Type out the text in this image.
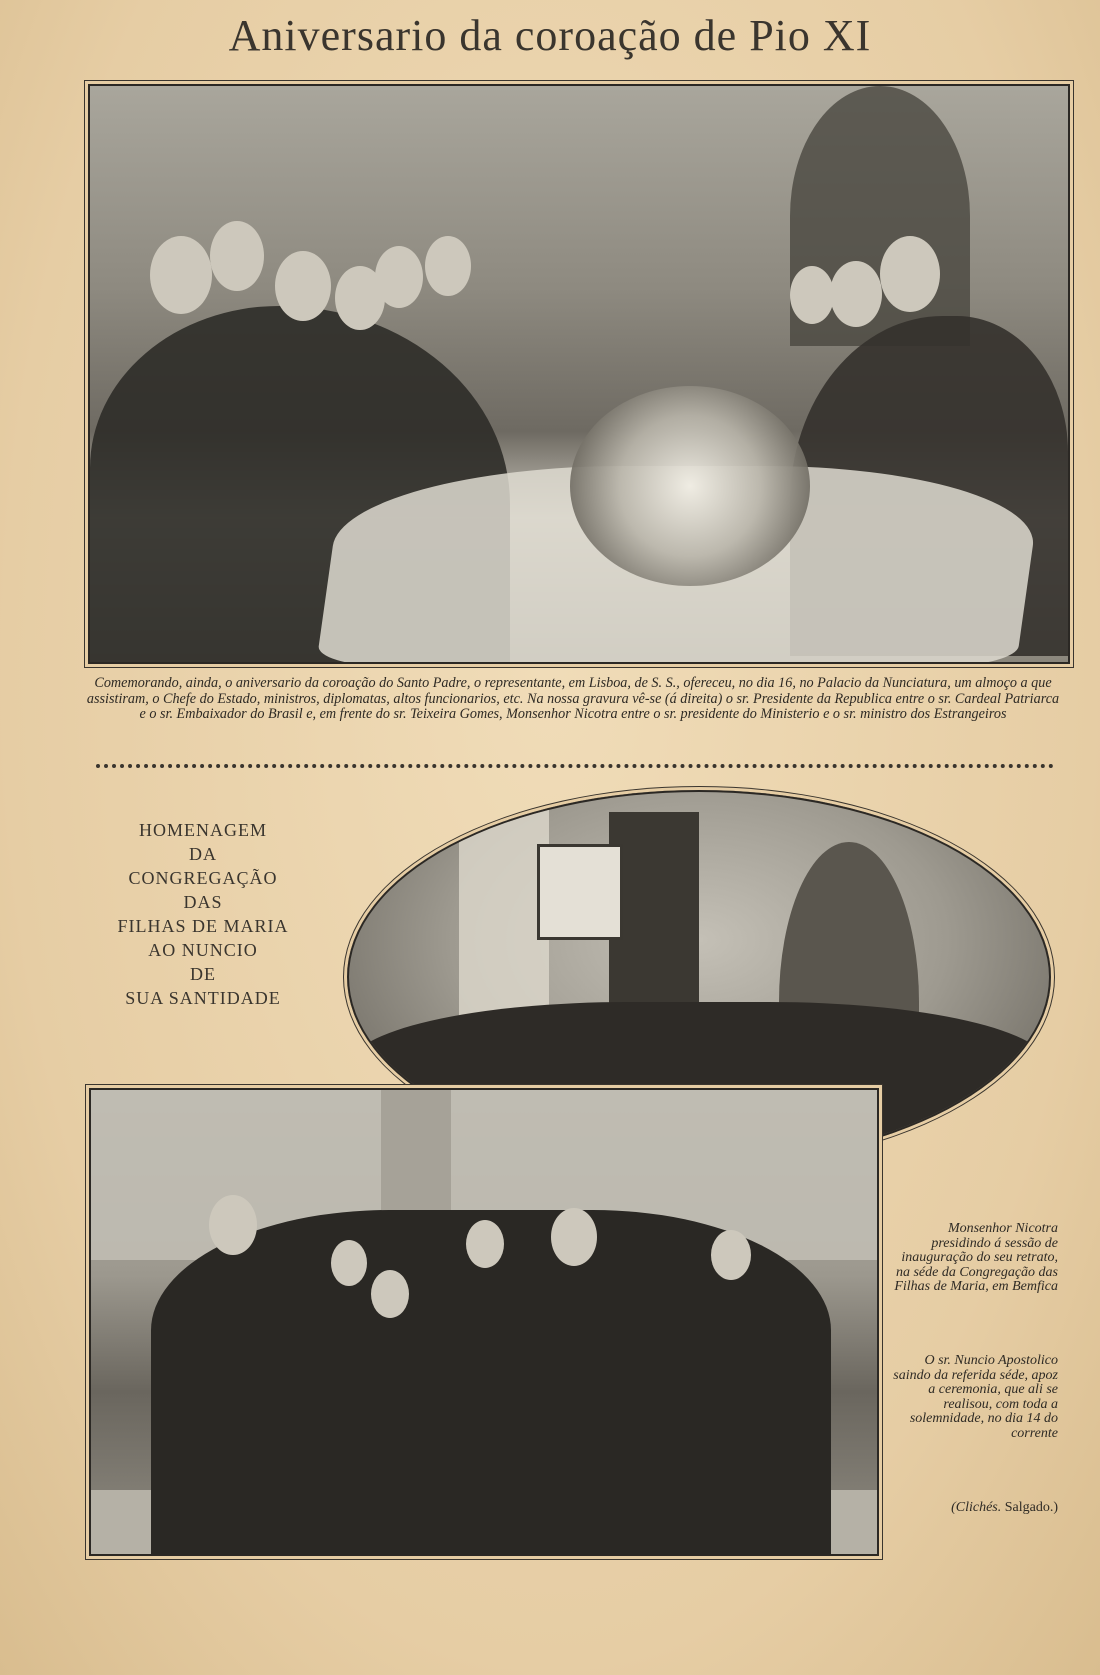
Aniversario da coroação de Pio XI

Comemorando, ainda, o aniversario da coroação do Santo Padre, o representante, em Lisboa, de S. S., ofereceu, no dia 16, no Palacio da Nunciatura, um almoço a que assistiram, o Chefe do Estado, ministros, diplomatas, altos funcionarios, etc. Na nossa gravura vê-se (á direita) o sr. Presidente da Republica entre o sr. Cardeal Patriarca e o sr. Embaixador do Brasil e, em frente do sr. Teixeira Gomes, Monsenhor Nicotra entre o sr. presidente do Ministerio e o sr. ministro dos Estrangeiros

HOMENAGEM
DA
CONGREGAÇÃO
DAS
FILHAS DE MARIA
AO NUNCIO
DE
SUA SANTIDADE

Monsenhor Nicotra presidindo á sessão de inauguração do seu retrato, na séde da Congregação das Filhas de Maria, em Bemfica

O sr. Nuncio Apostolico saindo da referida séde, apoz a ceremonia, que ali se realisou, com toda a solemnidade, no dia 14 do corrente

(Clichés. Salgado.)
